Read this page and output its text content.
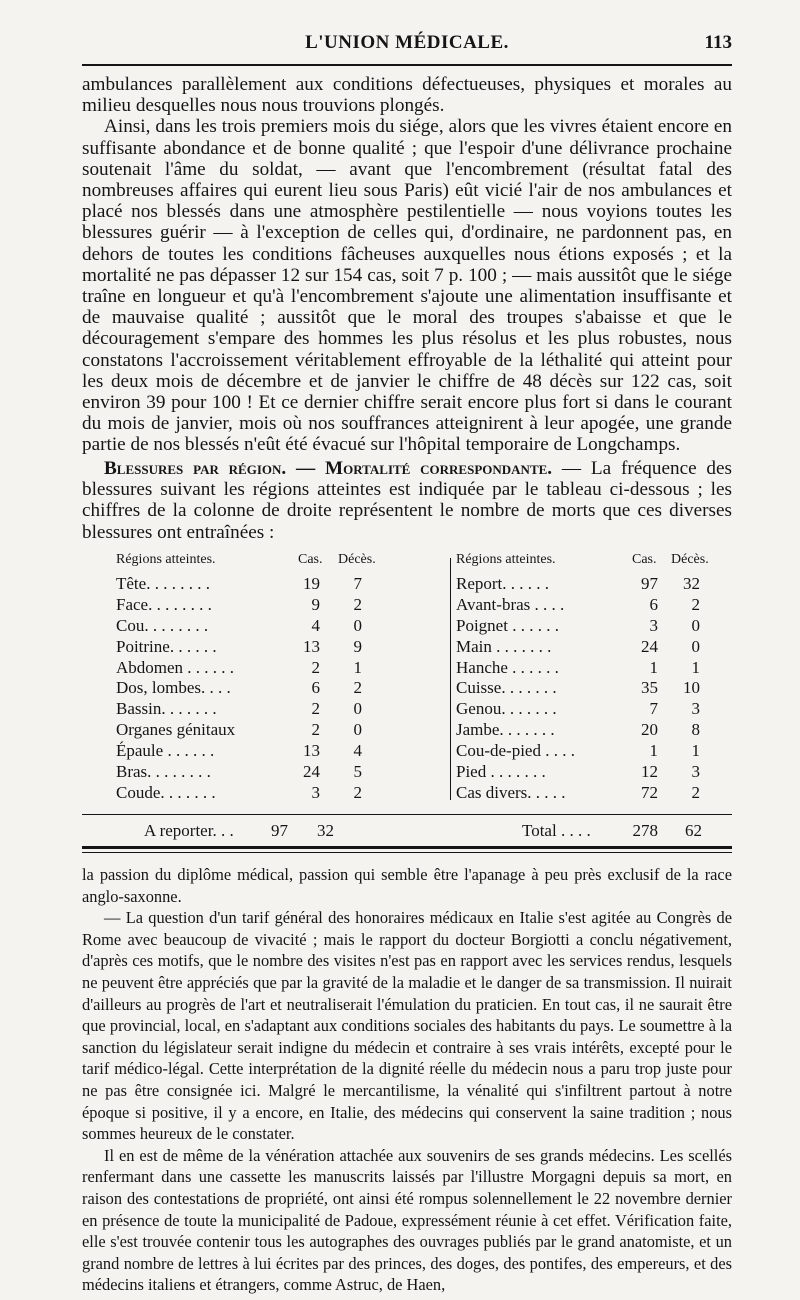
L'UNION MÉDICALE.	113

ambulances parallèlement aux conditions défectueuses, physiques et morales au milieu desquelles nous nous trouvions plongés.

Ainsi, dans les trois premiers mois du siége, alors que les vivres étaient encore en suffisante abondance et de bonne qualité ; que l'espoir d'une délivrance prochaine soutenait l'âme du soldat, — avant que l'encombrement (résultat fatal des nombreuses affaires qui eurent lieu sous Paris) eût vicié l'air de nos ambulances et placé nos blessés dans une atmosphère pestilentielle — nous voyions toutes les blessures guérir — à l'exception de celles qui, d'ordinaire, ne pardonnent pas, en dehors de toutes les conditions fâcheuses auxquelles nous étions exposés ; et la mortalité ne pas dépasser 12 sur 154 cas, soit 7 p. 100 ; — mais aussitôt que le siége traîne en longueur et qu'à l'encombrement s'ajoute une alimentation insuffisante et de mauvaise qualité ; aussitôt que le moral des troupes s'abaisse et que le découragement s'empare des hommes les plus résolus et les plus robustes, nous constatons l'accroissement véritablement effroyable de la léthalité qui atteint pour les deux mois de décembre et de janvier le chiffre de 48 décès sur 122 cas, soit environ 39 pour 100 ! Et ce dernier chiffre serait encore plus fort si dans le courant du mois de janvier, mois où nos souffrances atteignirent à leur apogée, une grande partie de nos blessés n'eût été évacué sur l'hôpital temporaire de Longchamps.

Blessures par région. — Mortalité correspondante. — La fréquence des blessures suivant les régions atteintes est indiquée par le tableau ci-dessous ; les chiffres de la colonne de droite représentent le nombre de morts que ces diverses blessures ont entraînées :

Régions atteintes.	Cas. Décès.
Tête. . . . . . . .	19	7
Face. . . . . . . .	9	2
Cou. . . . . . . .	4	0
Poitrine. . . . . .	13	9
Abdomen . . . . . .	2	1
Dos, lombes. . . .	6	2
Bassin. . . . . . .	2	0
Organes génitaux	2	0
Épaule . . . . . .	13	4
Bras. . . . . . . .	24	5
Coude. . . . . . .	3	2
Régions atteintes.	Cas. Décès.
Report. . . . . .	97	32
Avant-bras . . . .	6	2
Poignet . . . . . .	3	0
Main . . . . . . .	24	0
Hanche . . . . . .	1	1
Cuisse. . . . . . .	35	10
Genou. . . . . . .	7	3
Jambe. . . . . . .	20	8
Cou-de-pied . . . .	1	1
Pied . . . . . . .	12	3
Cas divers. . . . .	72	2
A reporter. . .	97	32	Total . . . .	278	62

la passion du diplôme médical, passion qui semble être l'apanage à peu près exclusif de la race anglo-saxonne.

— La question d'un tarif général des honoraires médicaux en Italie s'est agitée au Congrès de Rome avec beaucoup de vivacité ; mais le rapport du docteur Borgiotti a conclu négativement, d'après ces motifs, que le nombre des visites n'est pas en rapport avec les services rendus, lesquels ne peuvent être appréciés que par la gravité de la maladie et le danger de sa transmission. Il nuirait d'ailleurs au progrès de l'art et neutraliserait l'émulation du praticien. En tout cas, il ne saurait être que provincial, local, en s'adaptant aux conditions sociales des habitants du pays. Le soumettre à la sanction du législateur serait indigne du médecin et contraire à ses vrais intérêts, excepté pour le tarif médico-légal. Cette interprétation de la dignité réelle du médecin nous a paru trop juste pour ne pas être consignée ici. Malgré le mercantilisme, la vénalité qui s'infiltrent partout à notre époque si positive, il y a encore, en Italie, des médecins qui conservent la saine tradition ; nous sommes heureux de le constater.

Il en est de même de la vénération attachée aux souvenirs de ses grands médecins. Les scellés renfermant dans une cassette les manuscrits laissés par l'illustre Morgagni depuis sa mort, en raison des contestations de propriété, ont ainsi été rompus solennellement le 22 novembre dernier en présence de toute la municipalité de Padoue, expressément réunie à cet effet. Vérification faite, elle s'est trouvée contenir tous les autographes des ouvrages publiés par le grand anatomiste, et un grand nombre de lettres à lui écrites par des princes, des doges, des pontifes, des empereurs, et des médecins italiens et étrangers, comme Astruc, de Haen,
